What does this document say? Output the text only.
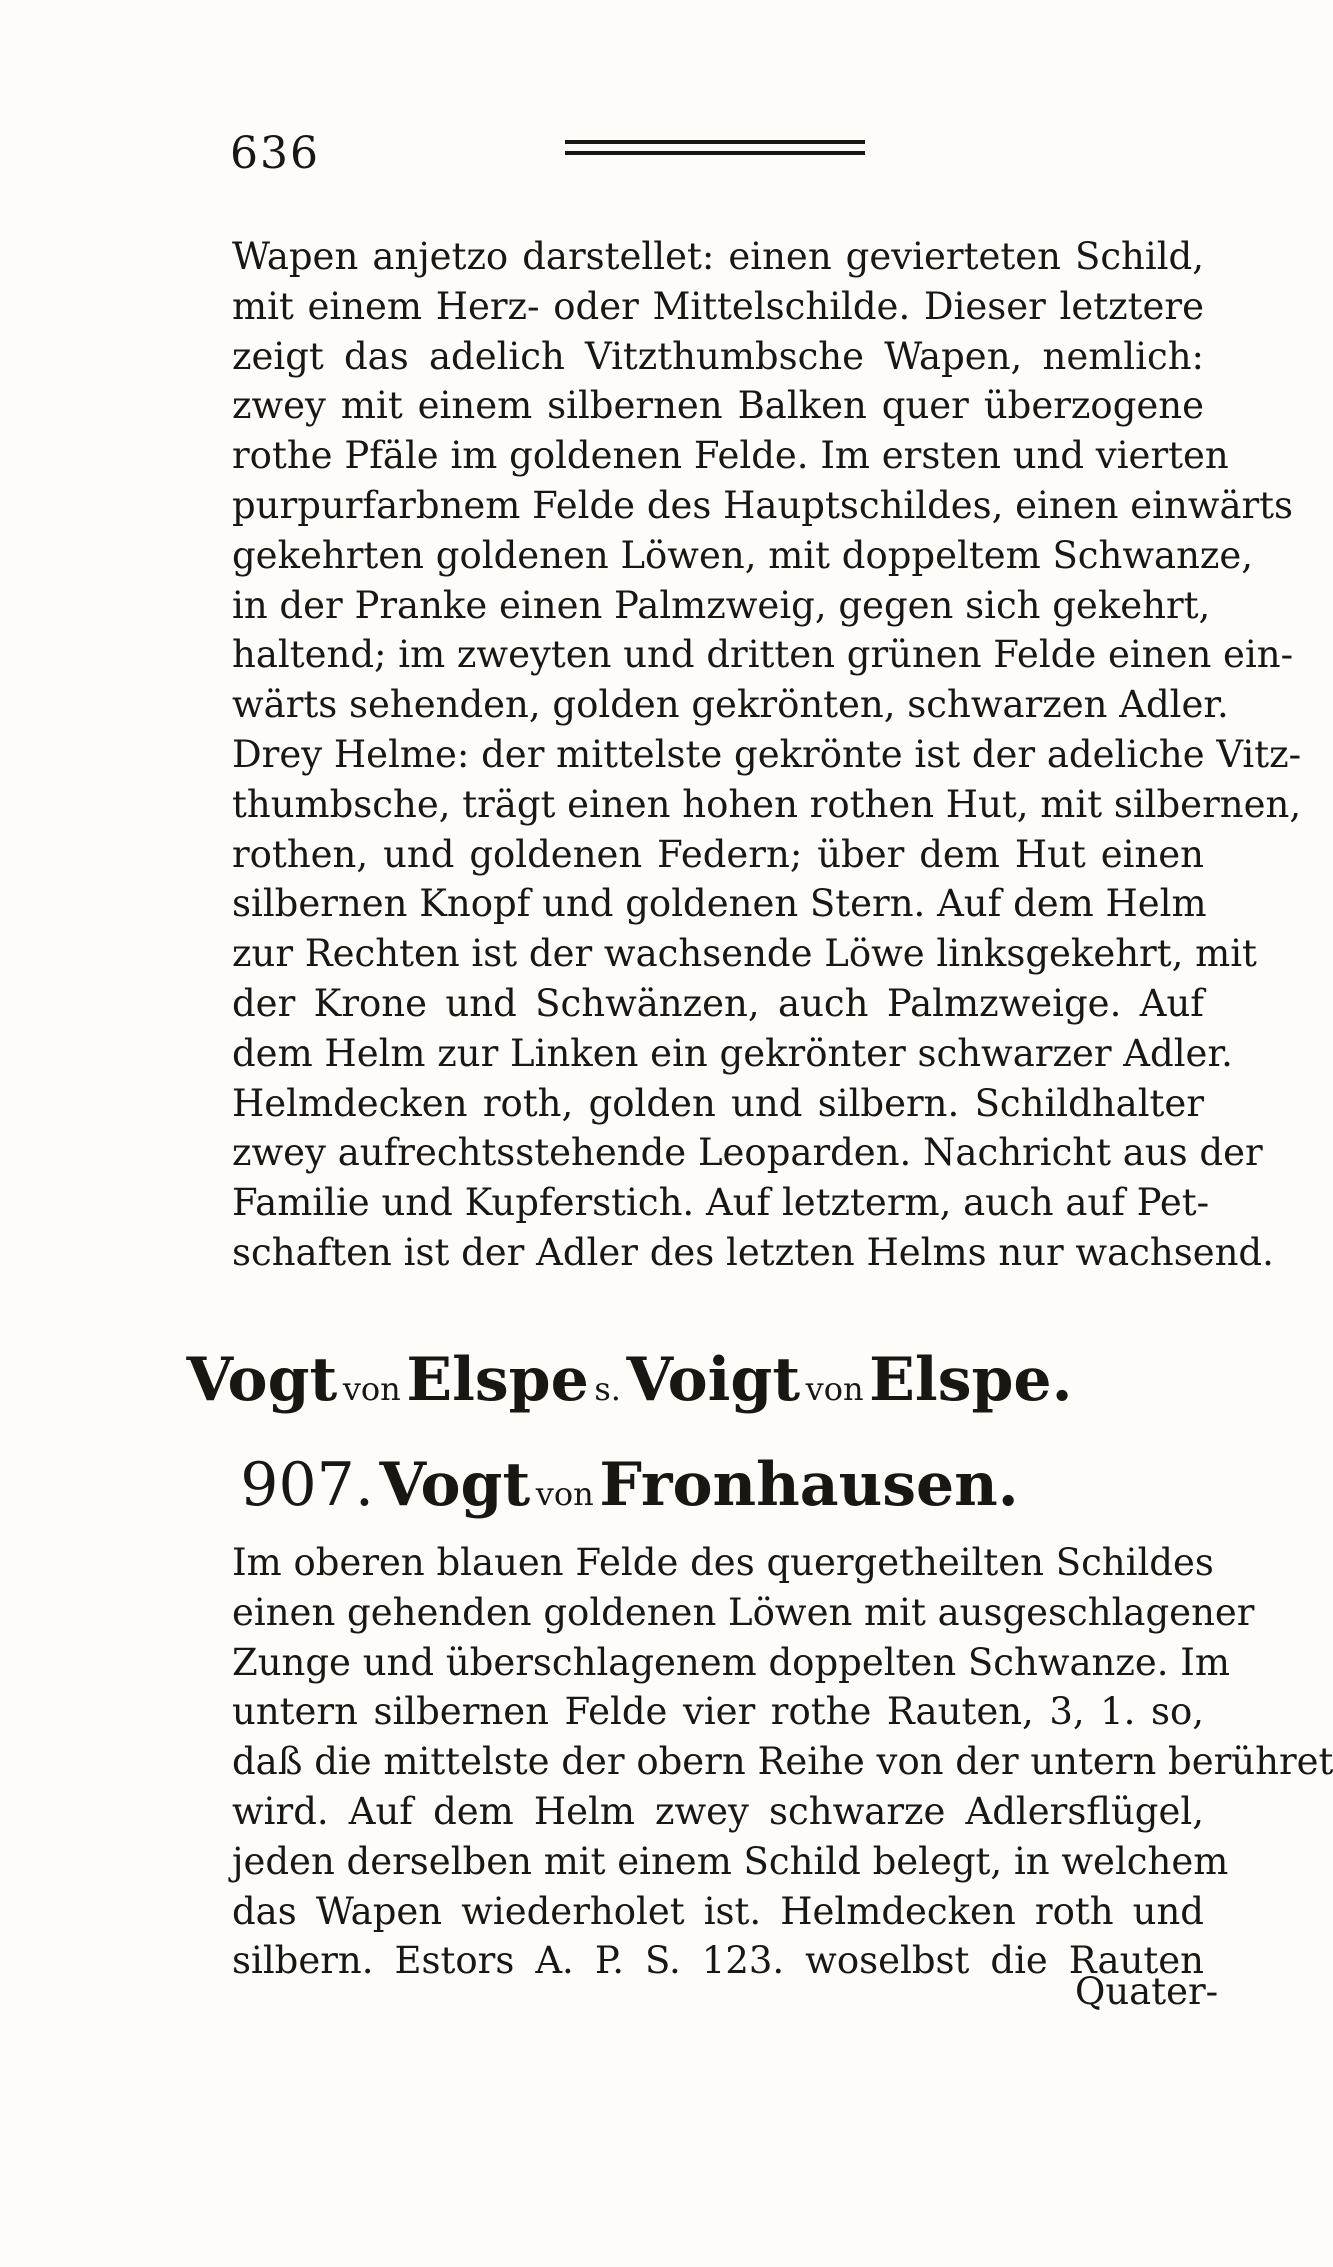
636
Wapen anjetzo darstellet: einen gevierteten Schild,
mit einem Herz- oder Mittelschilde. Dieser letztere
zeigt das adelich Vitzthumbsche Wapen, nemlich:
zwey mit einem silbernen Balken quer überzogene
rothe Pfäle im goldenen Felde. Im ersten und vierten
purpurfarbnem Felde des Hauptschildes, einen einwärts
gekehrten goldenen Löwen, mit doppeltem Schwanze,
in der Pranke einen Palmzweig, gegen sich gekehrt,
haltend; im zweyten und dritten grünen Felde einen ein-
wärts sehenden, golden gekrönten, schwarzen Adler.
Drey Helme: der mittelste gekrönte ist der adeliche Vitz-
thumbsche, trägt einen hohen rothen Hut, mit silbernen,
rothen, und goldenen Federn; über dem Hut einen
silbernen Knopf und goldenen Stern. Auf dem Helm
zur Rechten ist der wachsende Löwe linksgekehrt, mit
der Krone und Schwänzen, auch Palmzweige. Auf
dem Helm zur Linken ein gekrönter schwarzer Adler.
Helmdecken roth, golden und silbern. Schildhalter
zwey aufrechtsstehende Leoparden. Nachricht aus der
Familie und Kupferstich. Auf letzterm, auch auf Pet-
schaften ist der Adler des letzten Helms nur wachsend.
Vogt von Elspe s. Voigt von Elspe.
907. Vogt von Fronhausen.
Im oberen blauen Felde des quergetheilten Schildes
einen gehenden goldenen Löwen mit ausgeschlagener
Zunge und überschlagenem doppelten Schwanze. Im
untern silbernen Felde vier rothe Rauten, 3, 1. so,
daß die mittelste der obern Reihe von der untern berühret
wird. Auf dem Helm zwey schwarze Adlersflügel,
jeden derselben mit einem Schild belegt, in welchem
das Wapen wiederholet ist. Helmdecken roth und
silbern. Estors A. P. S. 123. woselbst die Rauten
Quater-
